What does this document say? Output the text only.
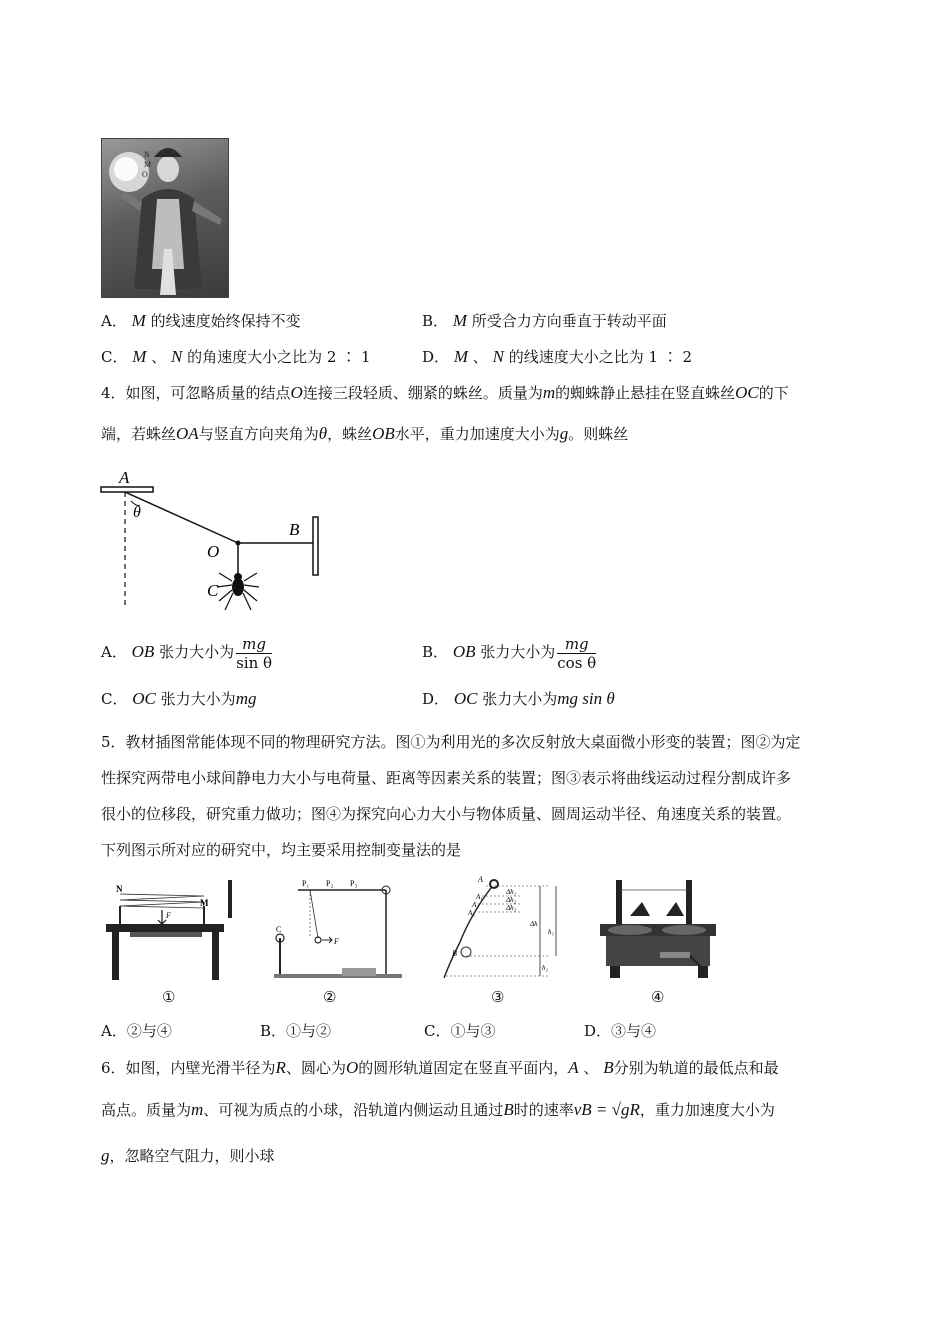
N
M
O
A． M 的线速度始终保持不变	B． M 所受合力方向垂直于转动平面
C． M 、 N 的角速度大小之比为 2 ∶ 1	D． M 、 N 的线速度大小之比为 1 ∶ 2
4．如图，可忽略质量的结点O连接三段轻质、绷紧的蛛丝。质量为m的蜘蛛静止悬挂在竖直蛛丝OC的下
端，若蛛丝OA与竖直方向夹角为θ，蛛丝OB水平，重力加速度大小为g。则蛛丝
A
θ
O
B
C
A． OB 张力大小为 $\frac{mg}{\text{sin θ}}$	B． OB 张力大小为 $\frac{mg}{\text{cos θ}}$
C． OC 张力大小为mg	D． OC 张力大小为mg sin θ
5．教材插图常能体现不同的物理研究方法。图①为利用光的多次反射放大桌面微小形变的装置；图②为定
性探究两带电小球间静电力大小与电荷量、距离等因素关系的装置；图③表示将曲线运动过程分割成许多
很小的位移段，研究重力做功；图④为探究向心力大小与物体质量、圆周运动半径、角速度关系的装置。
下列图示所对应的研究中，均主要采用控制变量法的是
N
M
F
①
P₁ P₂ P₃
C
F
②
A
A₁
A₂
A₃
Δh₁
Δh₂
Δh₃
Δh
h₁
h₂
B
③	④
A．②与④	B．①与②	C．①与③	D．③与④
6．如图，内壁光滑半径为R、圆心为O的圆形轨道固定在竖直平面内，A 、 B分别为轨道的最低点和最
高点。质量为m、可视为质点的小球，沿轨道内侧运动且通过B时的速率vB = √gR，重力加速度大小为
g，忽略空气阻力，则小球
